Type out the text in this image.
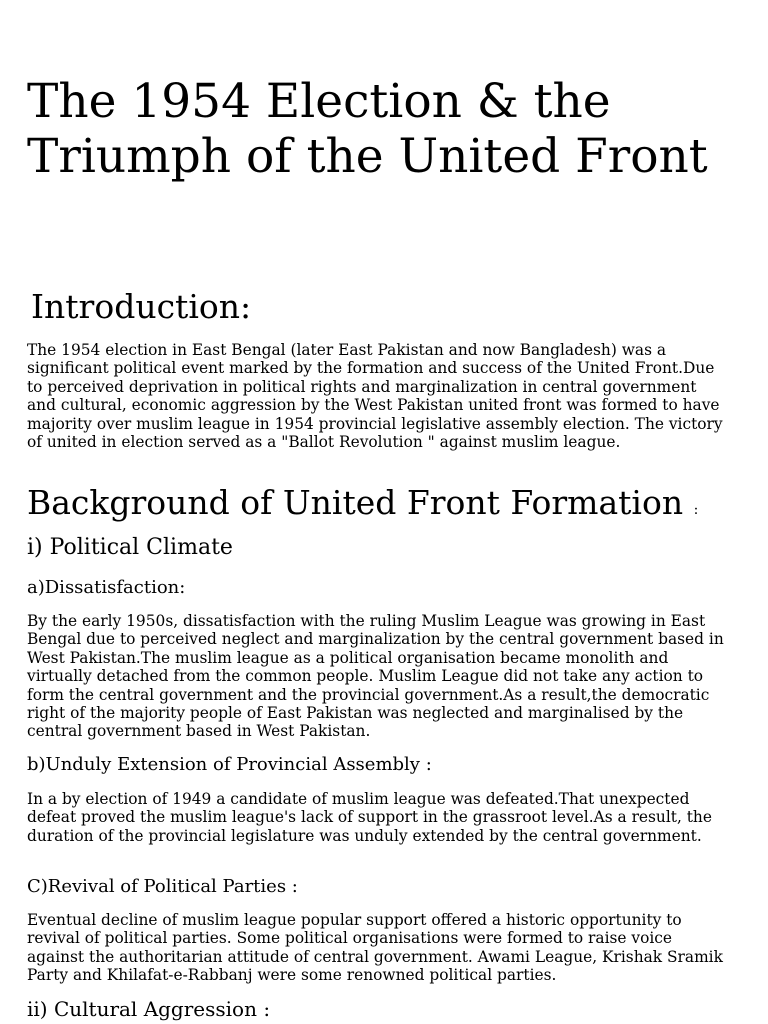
The 1954 Election & the Triumph of the United Front
Introduction:

The 1954 election in East Bengal (later East Pakistan and now Bangladesh) was a significant political event marked by the formation and success of the United Front.Due to perceived deprivation in political rights and marginalization in central government and cultural, economic aggression by the West Pakistan united front was formed to have majority over muslim league in 1954 provincial legislative assembly election. The victory of united in election served as a "Ballot Revolution " against muslim league.

Background of United Front Formation :
i) Political Climate
a)Dissatisfaction:

By the early 1950s, dissatisfaction with the ruling Muslim League was growing in East Bengal due to perceived neglect and marginalization by the central government based in West Pakistan.The muslim league as a political organisation became monolith and virtually detached from the common people. Muslim League did not take any action to form the central government and the provincial government.As a result,the democratic right of the majority people of East Pakistan was neglected and marginalised by the central government based in West Pakistan.

b)Unduly Extension of Provincial Assembly :

In a by election of 1949 a candidate of muslim league was defeated.That unexpected defeat proved the muslim league's lack of support in the grassroot level.As a result, the duration of the provincial legislature was unduly extended by the central government.

C)Revival of Political Parties :

Eventual decline of muslim league popular support offered a historic opportunity to revival of political parties. Some political organisations were formed to raise voice against the authoritarian attitude of central government. Awami League, Krishak Sramik Party and Khilafat-e-Rabbanj were some renowned political parties.

ii) Cultural Aggression :
